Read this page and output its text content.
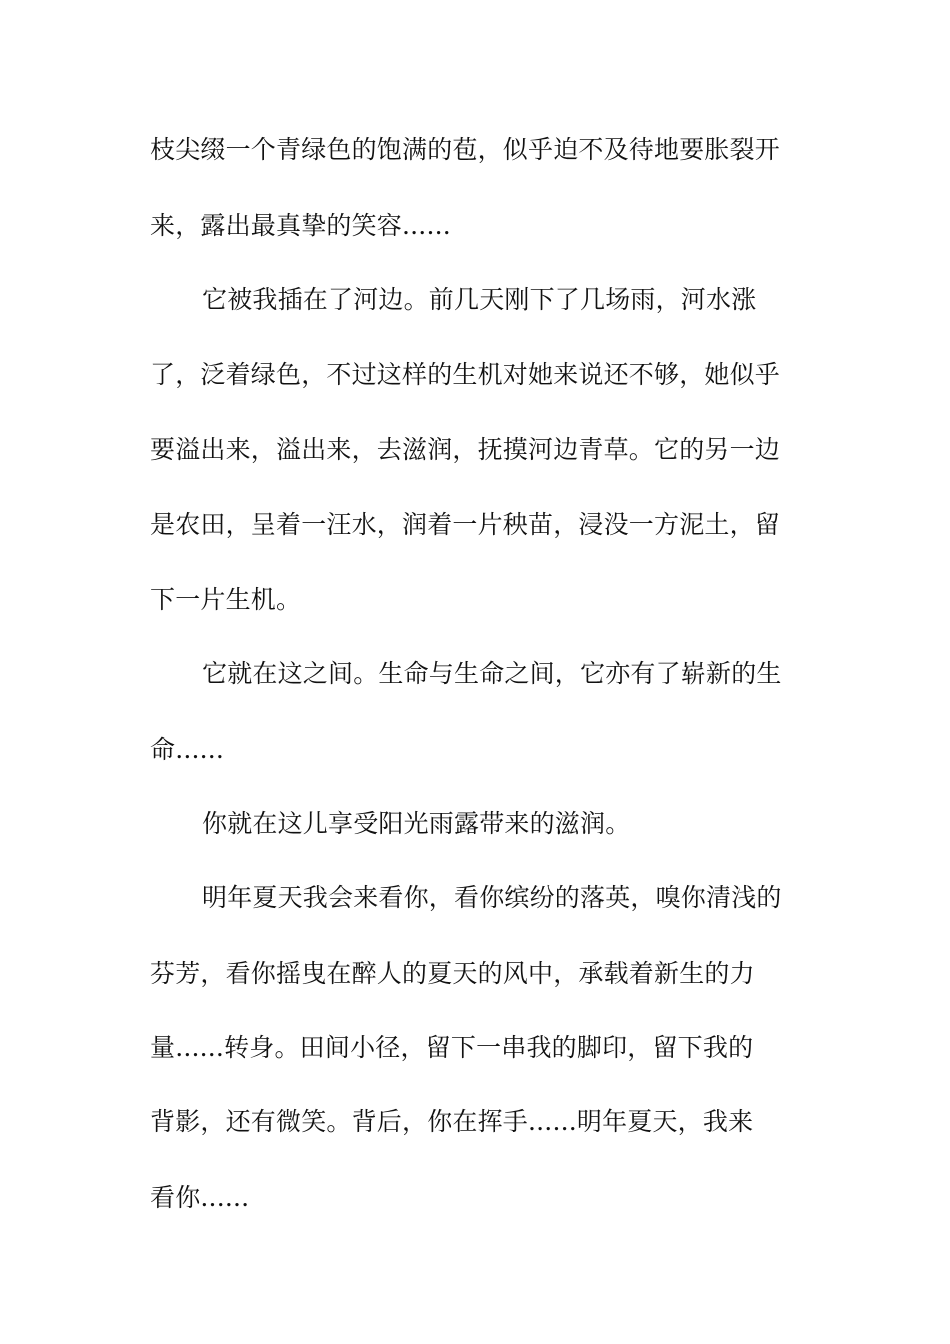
枝尖缀一个青绿色的饱满的苞，似乎迫不及待地要胀裂开
来，露出最真挚的笑容......
它被我插在了河边。前几天刚下了几场雨，河水涨
了，泛着绿色，不过这样的生机对她来说还不够，她似乎
要溢出来，溢出来，去滋润，抚摸河边青草。它的另一边
是农田，呈着一汪水，润着一片秧苗，浸没一方泥土，留
下一片生机。
它就在这之间。生命与生命之间，它亦有了崭新的生
命......
你就在这儿享受阳光雨露带来的滋润。
明年夏天我会来看你，看你缤纷的落英，嗅你清浅的
芬芳，看你摇曳在醉人的夏天的风中，承载着新生的力
量......转身。田间小径，留下一串我的脚印，留下我的
背影，还有微笑。背后，你在挥手......明年夏天，我来
看你......
